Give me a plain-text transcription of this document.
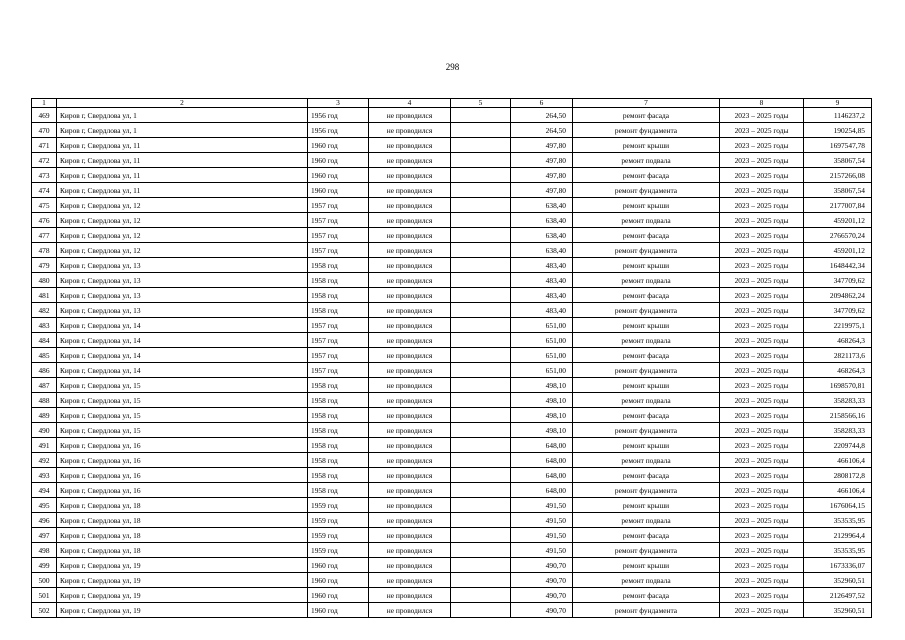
298
1	2	3	4	5	6	7	8	9
469	Киров г, Свердлова ул, 1	1956 год	не проводился		264,50	ремонт фасада	2023 – 2025 годы	1146237,2
470	Киров г, Свердлова ул, 1	1956 год	не проводился		264,50	ремонт фундамента	2023 – 2025 годы	190254,85
471	Киров г, Свердлова ул, 11	1960 год	не проводился		497,80	ремонт крыши	2023 – 2025 годы	1697547,78
472	Киров г, Свердлова ул, 11	1960 год	не проводился		497,80	ремонт подвала	2023 – 2025 годы	358067,54
473	Киров г, Свердлова ул, 11	1960 год	не проводился		497,80	ремонт фасада	2023 – 2025 годы	2157266,08
474	Киров г, Свердлова ул, 11	1960 год	не проводился		497,80	ремонт фундамента	2023 – 2025 годы	358067,54
475	Киров г, Свердлова ул, 12	1957 год	не проводился		638,40	ремонт крыши	2023 – 2025 годы	2177007,84
476	Киров г, Свердлова ул, 12	1957 год	не проводился		638,40	ремонт подвала	2023 – 2025 годы	459201,12
477	Киров г, Свердлова ул, 12	1957 год	не проводился		638,40	ремонт фасада	2023 – 2025 годы	2766570,24
478	Киров г, Свердлова ул, 12	1957 год	не проводился		638,40	ремонт фундамента	2023 – 2025 годы	459201,12
479	Киров г, Свердлова ул, 13	1958 год	не проводился		483,40	ремонт крыши	2023 – 2025 годы	1648442,34
480	Киров г, Свердлова ул, 13	1958 год	не проводился		483,40	ремонт подвала	2023 – 2025 годы	347709,62
481	Киров г, Свердлова ул, 13	1958 год	не проводился		483,40	ремонт фасада	2023 – 2025 годы	2094862,24
482	Киров г, Свердлова ул, 13	1958 год	не проводился		483,40	ремонт фундамента	2023 – 2025 годы	347709,62
483	Киров г, Свердлова ул, 14	1957 год	не проводился		651,00	ремонт крыши	2023 – 2025 годы	2219975,1
484	Киров г, Свердлова ул, 14	1957 год	не проводился		651,00	ремонт подвала	2023 – 2025 годы	468264,3
485	Киров г, Свердлова ул, 14	1957 год	не проводился		651,00	ремонт фасада	2023 – 2025 годы	2821173,6
486	Киров г, Свердлова ул, 14	1957 год	не проводился		651,00	ремонт фундамента	2023 – 2025 годы	468264,3
487	Киров г, Свердлова ул, 15	1958 год	не проводился		498,10	ремонт крыши	2023 – 2025 годы	1698570,81
488	Киров г, Свердлова ул, 15	1958 год	не проводился		498,10	ремонт подвала	2023 – 2025 годы	358283,33
489	Киров г, Свердлова ул, 15	1958 год	не проводился		498,10	ремонт фасада	2023 – 2025 годы	2158566,16
490	Киров г, Свердлова ул, 15	1958 год	не проводился		498,10	ремонт фундамента	2023 – 2025 годы	358283,33
491	Киров г, Свердлова ул, 16	1958 год	не проводился		648,00	ремонт крыши	2023 – 2025 годы	2209744,8
492	Киров г, Свердлова ул, 16	1958 год	не проводился		648,00	ремонт подвала	2023 – 2025 годы	466106,4
493	Киров г, Свердлова ул, 16	1958 год	не проводился		648,00	ремонт фасада	2023 – 2025 годы	2808172,8
494	Киров г, Свердлова ул, 16	1958 год	не проводился		648,00	ремонт фундамента	2023 – 2025 годы	466106,4
495	Киров г, Свердлова ул, 18	1959 год	не проводился		491,50	ремонт крыши	2023 – 2025 годы	1676064,15
496	Киров г, Свердлова ул, 18	1959 год	не проводился		491,50	ремонт подвала	2023 – 2025 годы	353535,95
497	Киров г, Свердлова ул, 18	1959 год	не проводился		491,50	ремонт фасада	2023 – 2025 годы	2129964,4
498	Киров г, Свердлова ул, 18	1959 год	не проводился		491,50	ремонт фундамента	2023 – 2025 годы	353535,95
499	Киров г, Свердлова ул, 19	1960 год	не проводился		490,70	ремонт крыши	2023 – 2025 годы	1673336,07
500	Киров г, Свердлова ул, 19	1960 год	не проводился		490,70	ремонт подвала	2023 – 2025 годы	352960,51
501	Киров г, Свердлова ул, 19	1960 год	не проводился		490,70	ремонт фасада	2023 – 2025 годы	2126497,52
502	Киров г, Свердлова ул, 19	1960 год	не проводился		490,70	ремонт фундамента	2023 – 2025 годы	352960,51
